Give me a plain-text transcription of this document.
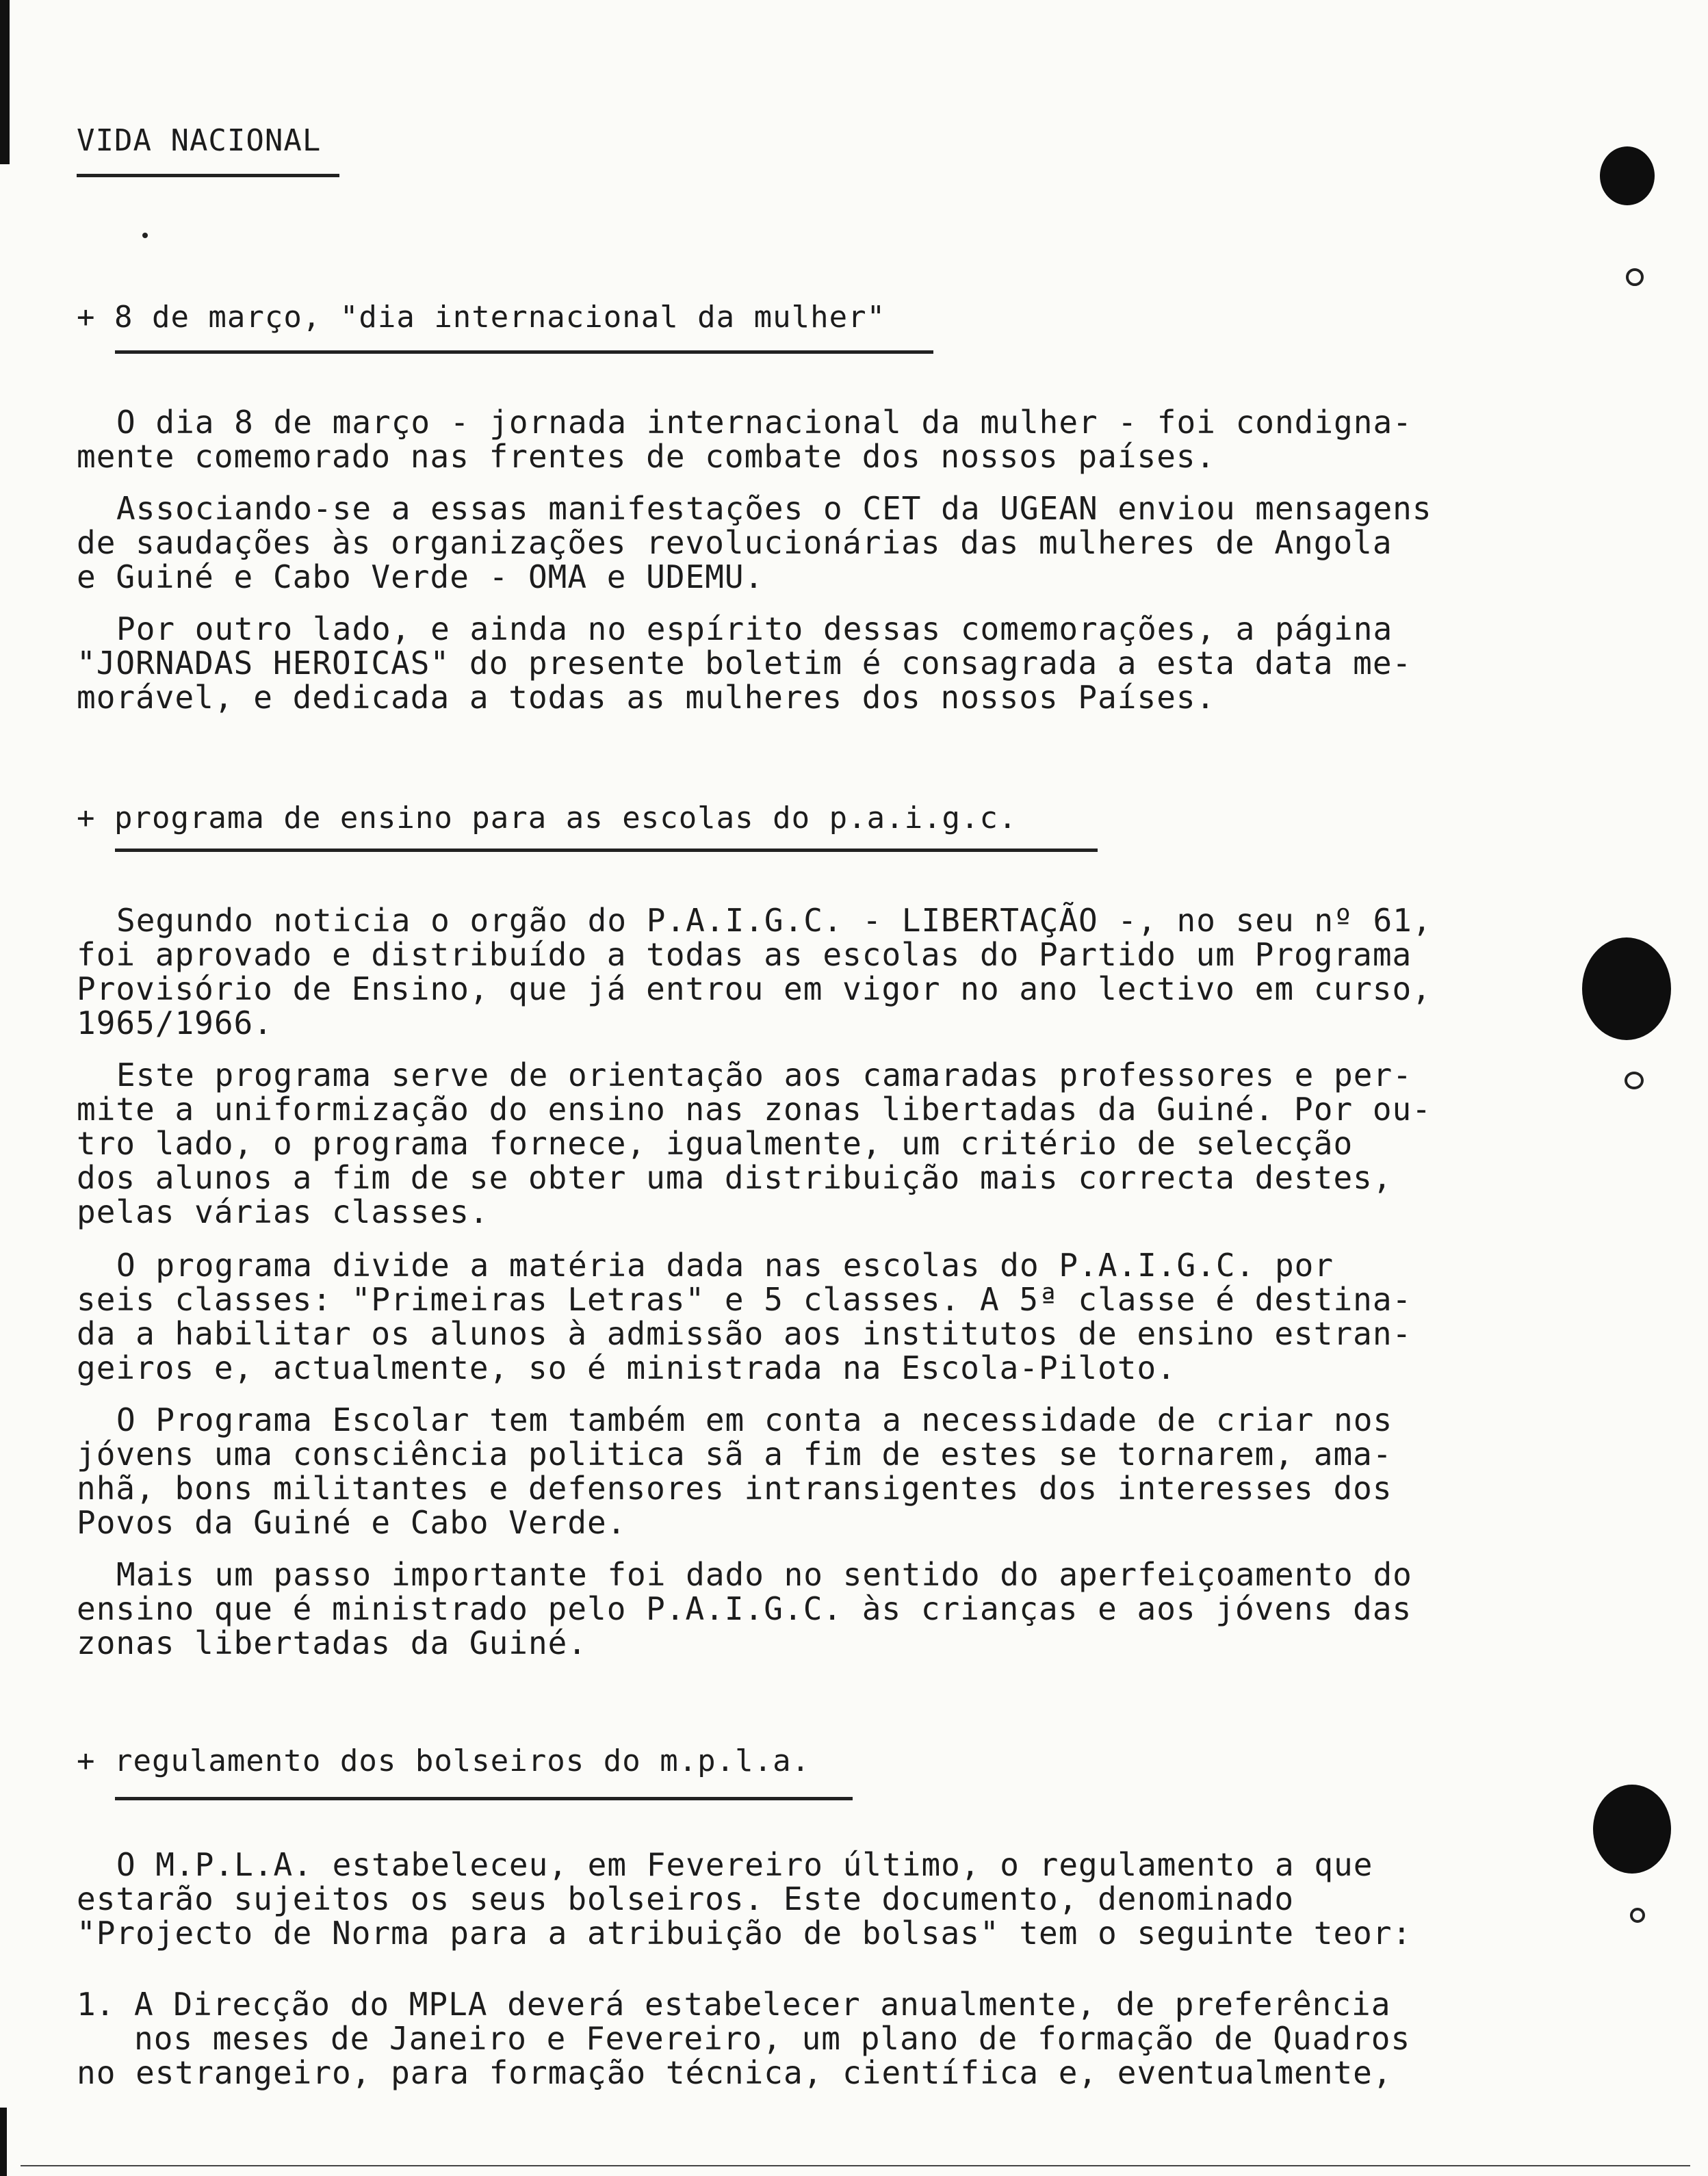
VIDA NACIONAL
+ 8 de março, "dia internacional da mulher"
O dia 8 de março - jornada internacional da mulher - foi condigna-
mente comemorado nas frentes de combate dos nossos países.
Associando-se a essas manifestações o CET da UGEAN enviou mensagens
de saudações às organizações revolucionárias das mulheres de Angola
e Guiné e Cabo Verde - OMA e UDEMU.
Por outro lado, e ainda no espírito dessas comemorações, a página
"JORNADAS HEROICAS" do presente boletim é consagrada a esta data me-
morável, e dedicada a todas as mulheres dos nossos Países.
+ programa de ensino para as escolas do p.a.i.g.c.
Segundo noticia o orgão do P.A.I.G.C. - LIBERTAÇÃO -, no seu nº 61,
foi aprovado e distribuído a todas as escolas do Partido um Programa
Provisório de Ensino, que já entrou em vigor no ano lectivo em curso,
1965/1966.
Este programa serve de orientação aos camaradas professores e per-
mite a uniformização do ensino nas zonas libertadas da Guiné. Por ou-
tro lado, o programa fornece, igualmente, um critério de selecção
dos alunos a fim de se obter uma distribuição mais correcta destes,
pelas várias classes.
O programa divide a matéria dada nas escolas do P.A.I.G.C. por
seis classes: "Primeiras Letras" e 5 classes. A 5ª classe é destina-
da a habilitar os alunos à admissão aos institutos de ensino estran-
geiros e, actualmente, so é ministrada na Escola-Piloto.
O Programa Escolar tem também em conta a necessidade de criar nos
jóvens uma consciência politica sã a fim de estes se tornarem, ama-
nhã, bons militantes e defensores intransigentes dos interesses dos
Povos da Guiné e Cabo Verde.
Mais um passo importante foi dado no sentido do aperfeiçoamento do
ensino que é ministrado pelo P.A.I.G.C. às crianças e aos jóvens das
zonas libertadas da Guiné.
+ regulamento dos bolseiros do m.p.l.a.
O M.P.L.A. estabeleceu, em Fevereiro último, o regulamento a que
estarão sujeitos os seus bolseiros. Este documento, denominado
"Projecto de Norma para a atribuição de bolsas" tem o seguinte teor:
1. A Direcção do MPLA deverá estabelecer anualmente, de preferência
nos meses de Janeiro e Fevereiro, um plano de formação de Quadros
no estrangeiro, para formação técnica, científica e, eventualmente,
